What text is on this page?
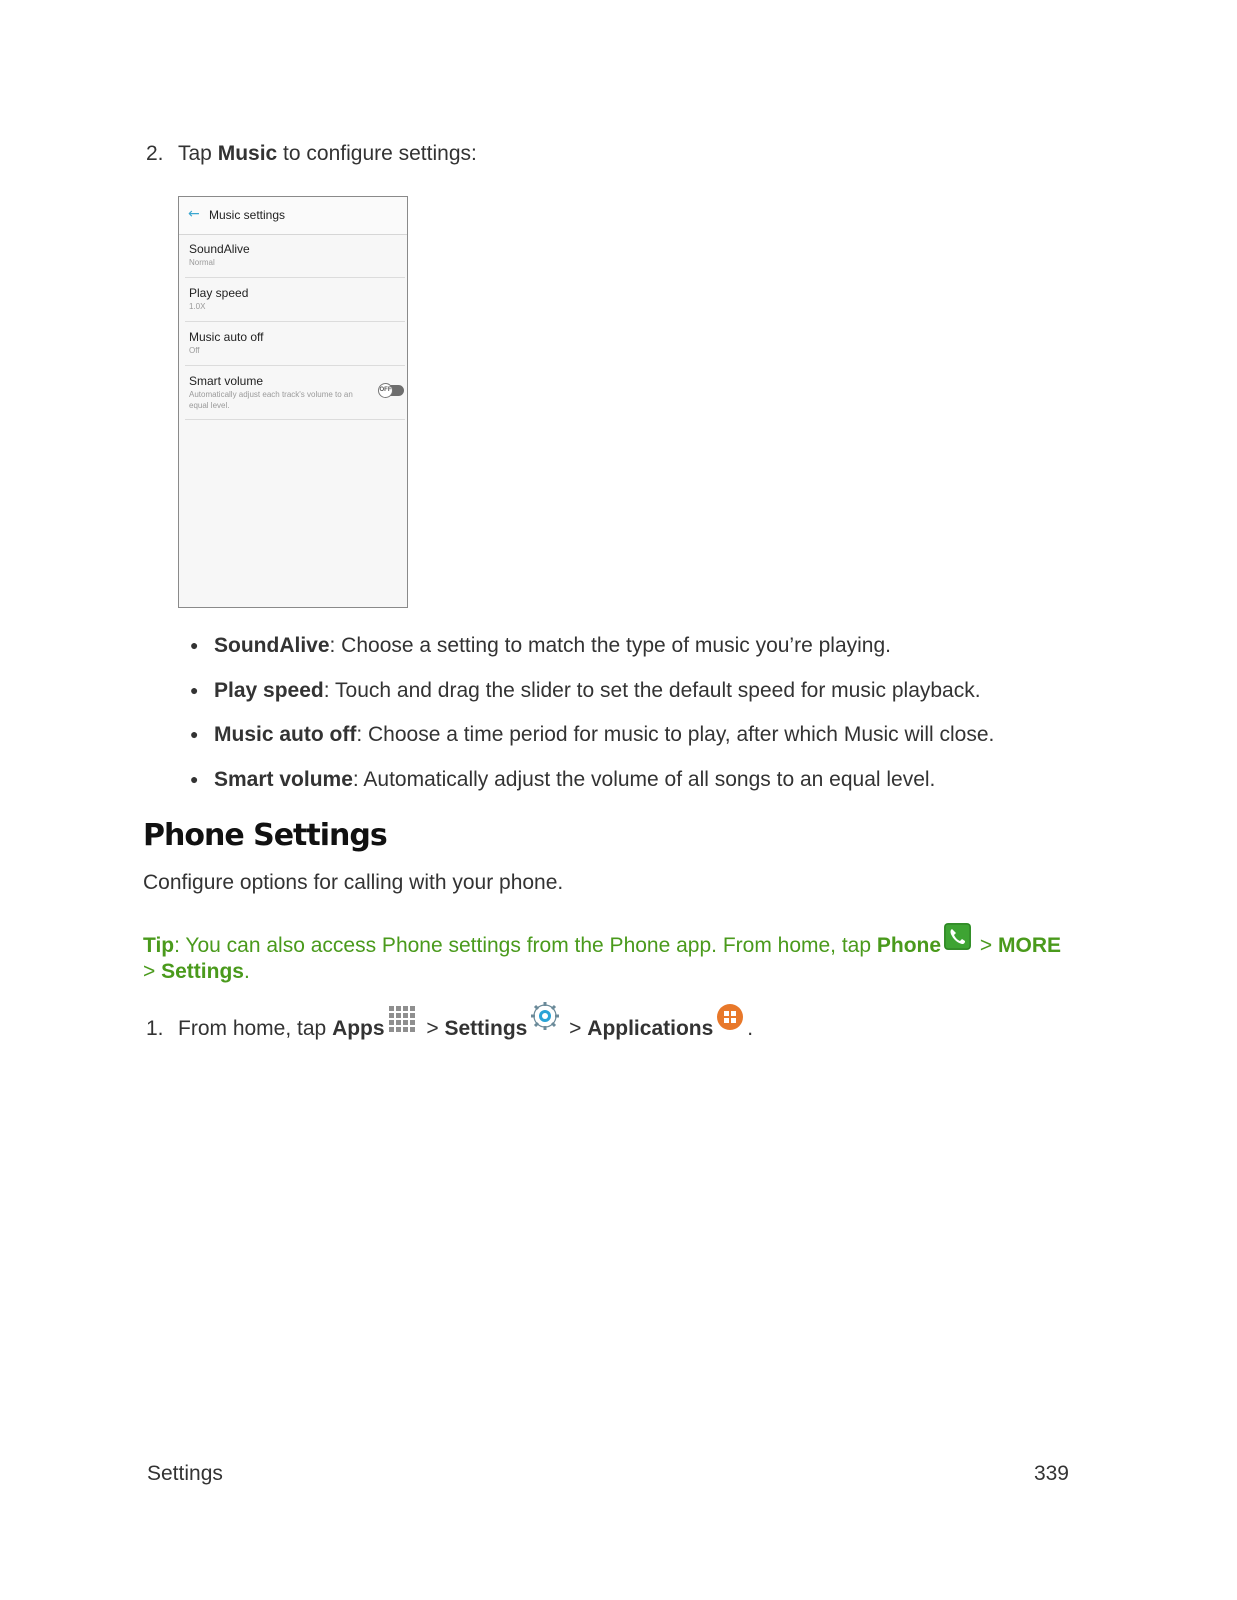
2. Tap Music to configure settings:
← Music settings
SoundAlive
Normal
Play speed
1.0X
Music auto off
Off
Smart volume
Automatically adjust each track's volume to an equal level.
OFF
● SoundAlive: Choose a setting to match the type of music you’re playing.
● Play speed: Touch and drag the slider to set the default speed for music playback.
● Music auto off: Choose a time period for music to play, after which Music will close.
● Smart volume: Automatically adjust the volume of all songs to an equal level.
Phone Settings
Configure options for calling with your phone.
Tip: You can also access Phone settings from the Phone app. From home, tap Phone > MORE
> Settings.
1. From home, tap Apps > Settings > Applications .
Settings	339
